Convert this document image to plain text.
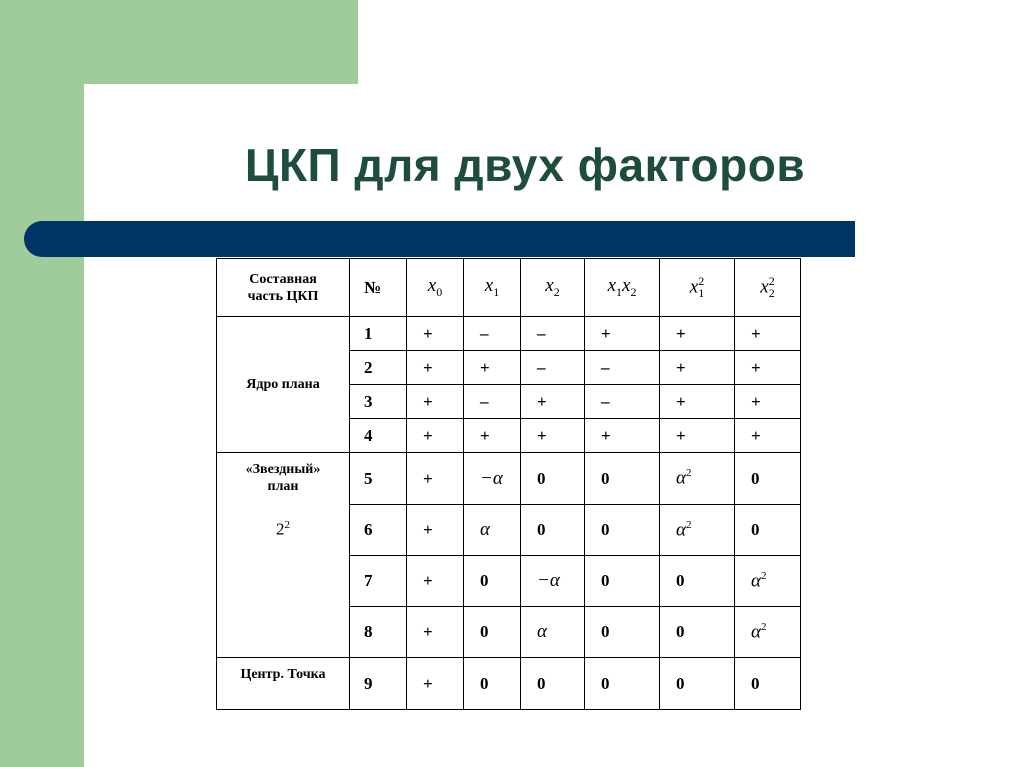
ЦКП для двух факторов
Составная
часть ЦКП	№	$x_0$	$x_1$	$x_2$	$x_1x_2$	$x_1^2$	$x_2^2$
Ядро плана	1	+	–	–	+	+	+
	2	+	+	–	–	+	+
	3	+	–	+	–	+	+
	4	+	+	+	+	+	+

«Звездный»
план
$2^2$	5	+	−α	0	0	$\alpha^2$	0
	6	+	α	0	0	$\alpha^2$	0
	7	+	0	−α	0	0	$\alpha^2$
	8	+	0	α	0	0	$\alpha^2$
Центр. Точка	9	+	0	0	0	0	0
